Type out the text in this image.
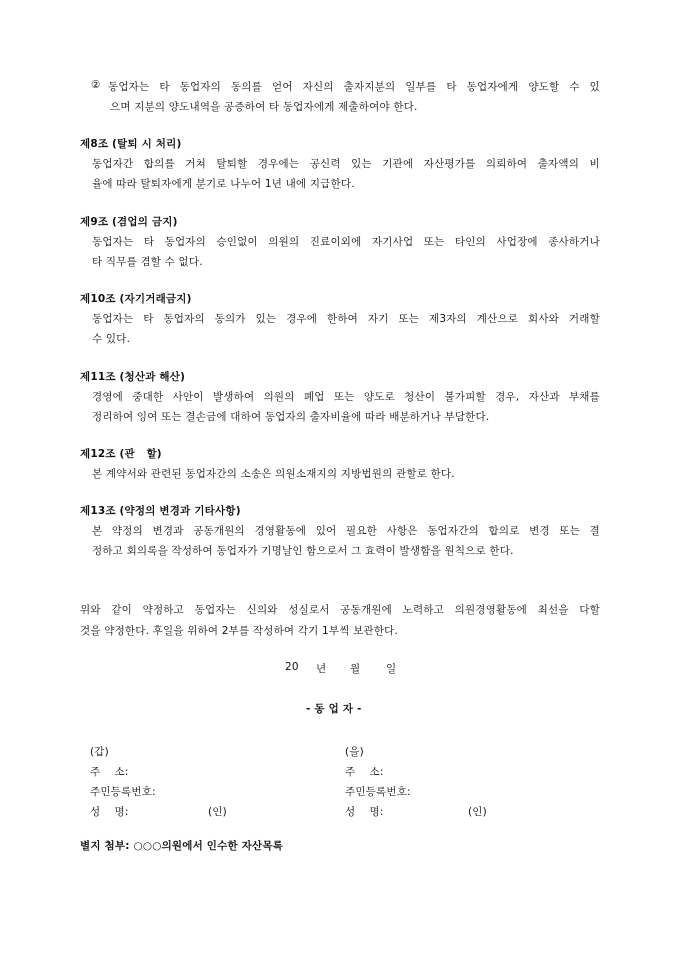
② 동업자는 타 동업자의 동의를 얻어 자신의 출자지분의 일부를 타 동업자에게 양도할 수 있
으며 지분의 양도내역을 공증하여 타 동업자에게 제출하여야 한다.
제8조 (탈퇴 시 처리)
동업자간 합의를 거쳐 탈퇴할 경우에는 공신력 있는 기관에 자산평가를 의뢰하여 출자액의 비
율에 따라 탈퇴자에게 분기로 나누어 1년 내에 지급한다.
제9조 (겸업의 금지)
동업자는 타 동업자의 승인없이 의원의 진료이외에 자기사업 또는 타인의 사업장에 종사하거나
타 직무를 겸할 수 없다.
제10조 (자기거래금지)
동업자는 타 동업자의 동의가 있는 경우에 한하여 자기 또는 제3자의 계산으로 회사와 거래할
수 있다.
제11조 (청산과 해산)
경영에 중대한 사안이 발생하여 의원의 폐업 또는 양도로 청산이 불가피할 경우, 자산과 부채를
정리하여 잉여 또는 결손금에 대하여 동업자의 출자비율에 따라 배분하거나 부담한다.
제12조 (관   할)
본 계약서와 관련된 동업자간의 소송은 의원소재지의 지방법원의 관할로 한다.
제13조 (약정의 변경과 기타사항)
본 약정의 변경과 공동개원의 경영활동에 있어 필요한 사항은 동업자간의 합의로 변경 또는 결
정하고 회의록을 작성하여 동업자가 기명날인 함으로서 그 효력이 발생함을 원칙으로 한다.
위와 같이 약정하고 동업자는 신의와 성실로서 공동개원에 노력하고 의원경영활동에 최선을 다할
것을 약정한다. 후일을 위하여 2부를 작성하여 각기 1부씩 보관한다.
20 년 월 일
- 동 업 자 -
(갑)
주    소:
주민등록번호:
성    명:	(인)
(을)
주    소:
주민등록번호:
성    명:	(인)
별지 첨부: ○○○의원에서 인수한 자산목록
